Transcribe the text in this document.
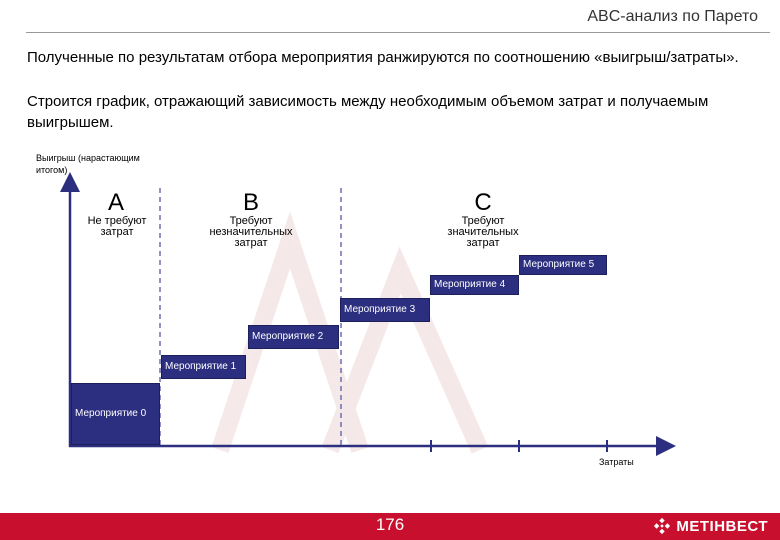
ABC-анализ по Парето
Полученные по результатам отбора мероприятия ранжируются по соотношению «выигрыш/затраты».
Строится график, отражающий зависимость между необходимым объемом затрат и получаемым выигрышем.
Выигрыш (нарастающим итогом)
Затраты
A
Не требуют затрат
B
Требуют незначительных затрат
C
Требуют значительных затрат
Мероприятие 0
Мероприятие 1
Мероприятие 2
Мероприятие 3
Мероприятие 4
Мероприятие 5
176	МЕТІНВЕСТ
